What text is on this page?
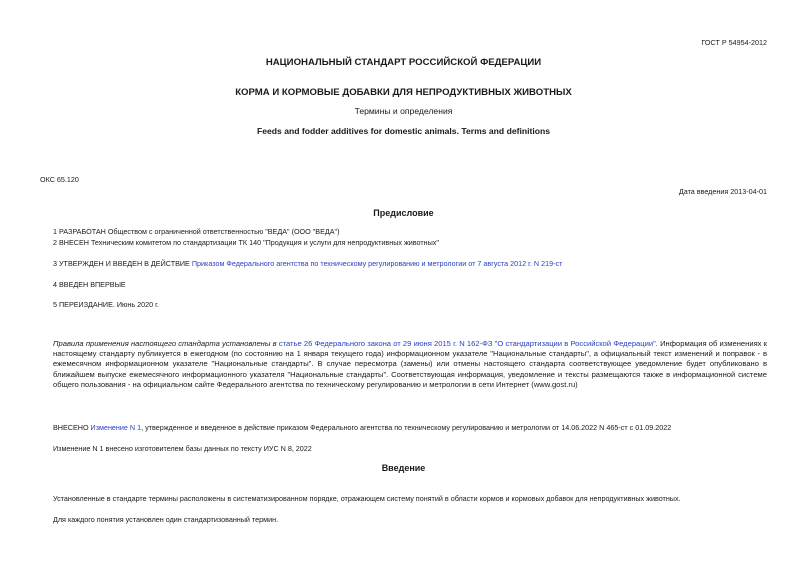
ГОСТ Р 54954-2012
НАЦИОНАЛЬНЫЙ СТАНДАРТ РОССИЙСКОЙ ФЕДЕРАЦИИ
КОРМА И КОРМОВЫЕ ДОБАВКИ ДЛЯ НЕПРОДУКТИВНЫХ ЖИВОТНЫХ
Термины и определения
Feeds and fodder additives for domestic animals. Terms and definitions
ОКС 65.120
Дата введения 2013-04-01
Предисловие
1 РАЗРАБОТАН Обществом с ограниченной ответственностью "ВЕДА" (ООО "ВЕДА")
2 ВНЕСЕН Техническим комитетом по стандартизации ТК 140 "Продукция и услуги для непродуктивных животных"
3 УТВЕРЖДЕН И ВВЕДЕН В ДЕЙСТВИЕ Приказом Федерального агентства по техническому регулированию и метрологии от 7 августа 2012 г. N 219-ст
4 ВВЕДЕН ВПЕРВЫЕ
5 ПЕРЕИЗДАНИЕ. Июнь 2020 г.
Правила применения настоящего стандарта установлены в статье 26 Федерального закона от 29 июня 2015 г. N 162-ФЗ "О стандартизации в Российской Федерации". Информация об изменениях к настоящему стандарту публикуется в ежегодном (по состоянию на 1 января текущего года) информационном указателе "Национальные стандарты", а официальный текст изменений и поправок - в ежемесячном информационном указателе "Национальные стандарты". В случае пересмотра (замены) или отмены настоящего стандарта соответствующее уведомление будет опубликовано в ближайшем выпуске ежемесячного информационного указателя "Национальные стандарты". Соответствующая информация, уведомление и тексты размещаются также в информационной системе общего пользования - на официальном сайте Федерального агентства по техническому регулированию и метрологии в сети Интернет (www.gost.ru)
ВНЕСЕНО Изменение N 1, утвержденное и введенное в действие приказом Федерального агентства по техническому регулированию и метрологии от 14.06.2022 N 465-ст с 01.09.2022
Изменение N 1 внесено изготовителем базы данных по тексту ИУС N 8, 2022
Введение
Установленные в стандарте термины расположены в систематизированном порядке, отражающем систему понятий в области кормов и кормовых добавок для непродуктивных животных.
Для каждого понятия установлен один стандартизованный термин.
